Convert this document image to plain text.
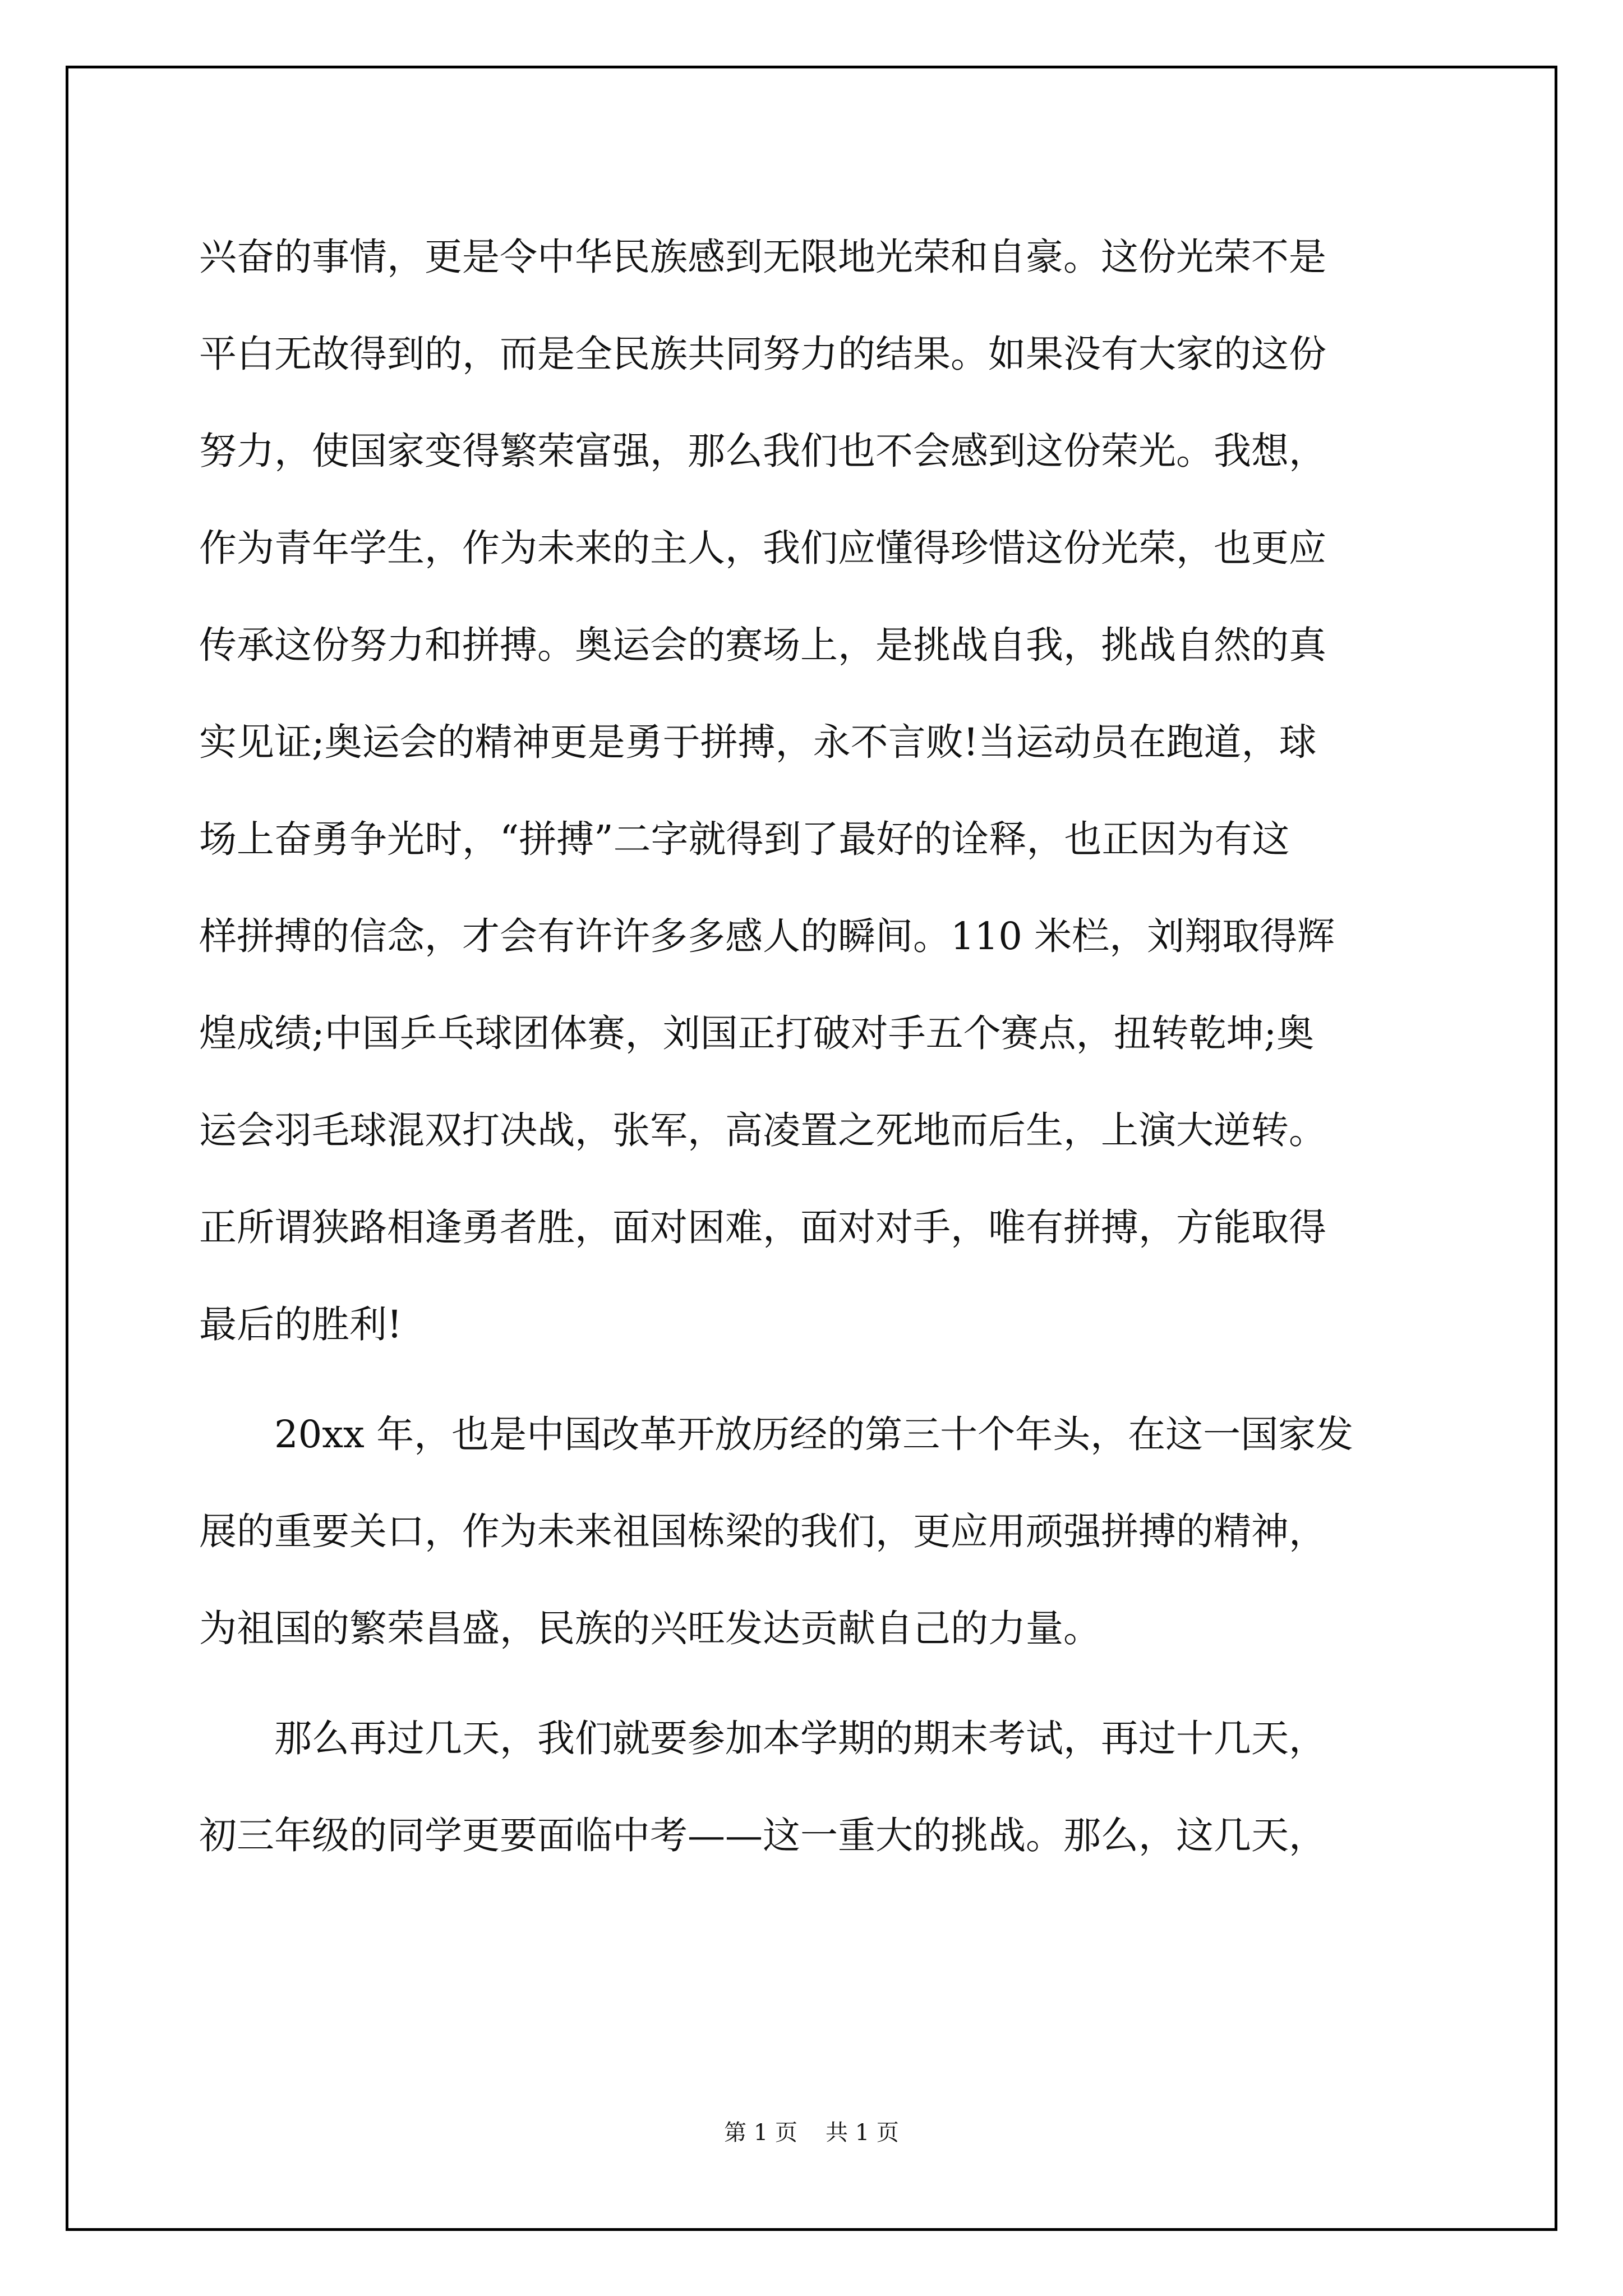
兴奋的事情，更是令中华民族感到无限地光荣和自豪。这份光荣不是
平白无故得到的，而是全民族共同努力的结果。如果没有大家的这份
努力，使国家变得繁荣富强，那么我们也不会感到这份荣光。我想，
作为青年学生，作为未来的主人，我们应懂得珍惜这份光荣，也更应
传承这份努力和拼搏。奥运会的赛场上，是挑战自我，挑战自然的真
实见证;奥运会的精神更是勇于拼搏，永不言败!当运动员在跑道，球
场上奋勇争光时，“拼搏”二字就得到了最好的诠释，也正因为有这
样拼搏的信念，才会有许许多多感人的瞬间。110 米栏，刘翔取得辉
煌成绩;中国乒乓球团体赛，刘国正打破对手五个赛点，扭转乾坤;奥
运会羽毛球混双打决战，张军，高凌置之死地而后生，上演大逆转。
正所谓狭路相逢勇者胜，面对困难，面对对手，唯有拼搏，方能取得
最后的胜利!
20xx 年，也是中国改革开放历经的第三十个年头，在这一国家发
展的重要关口，作为未来祖国栋梁的我们，更应用顽强拼搏的精神，
为祖国的繁荣昌盛，民族的兴旺发达贡献自己的力量。
那么再过几天，我们就要参加本学期的期末考试，再过十几天，
初三年级的同学更要面临中考——这一重大的挑战。那么，这几天，
第 1 页 共 1 页
